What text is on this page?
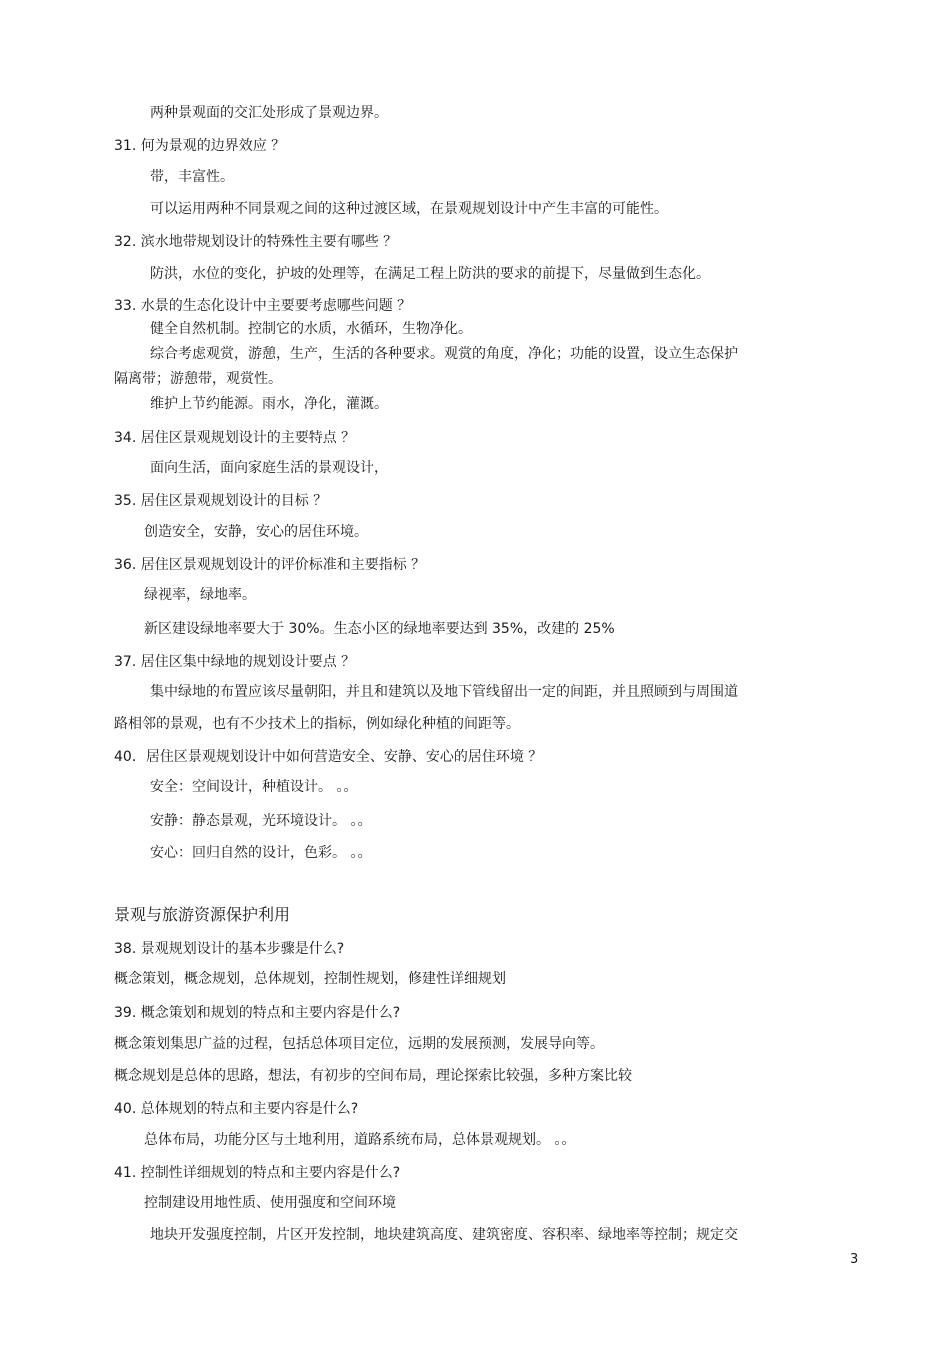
两种景观面的交汇处形成了景观边界。
31. 何为景观的边界效应 ？
带，丰富性。
可以运用两种不同景观之间的这种过渡区域，在景观规划设计中产生丰富的可能性。
32. 滨水地带规划设计的特殊性主要有哪些 ？
防洪，水位的变化，护坡的处理等，在满足工程上防洪的要求的前提下，尽量做到生态化。
33. 水景的生态化设计中主要要考虑哪些问题 ？
健全自然机制。控制它的水质，水循环，生物净化。
综合考虑观赏，游憩，生产，生活的各种要求。观赏的角度，净化；功能的设置，设立生态保护
隔离带；游憩带，观赏性。
维护上节约能源。雨水，净化，灌溉。
34. 居住区景观规划设计的主要特点 ？
面向生活，面向家庭生活的景观设计，
35. 居住区景观规划设计的目标 ？
创造安全，安静，安心的居住环境。
36. 居住区景观规划设计的评价标准和主要指标 ？
绿视率，绿地率。
新区建设绿地率要大于 30%。生态小区的绿地率要达到 35%，改建的 25%
37. 居住区集中绿地的规划设计要点 ？
集中绿地的布置应该尽量朝阳，并且和建筑以及地下管线留出一定的间距，并且照顾到与周围道
路相邻的景观，也有不少技术上的指标，例如绿化种植的间距等。
40．居住区景观规划设计中如何营造安全、安静、安心的居住环境 ？
安全：空间设计，种植设计。 。。
安静：静态景观，光环境设计。 。。
安心：回归自然的设计，色彩。 。。
景观与旅游资源保护利用
38. 景观规划设计的基本步骤是什么?
概念策划，概念规划，总体规划，控制性规划，修建性详细规划
39. 概念策划和规划的特点和主要内容是什么?
概念策划集思广益的过程，包括总体项目定位，远期的发展预测，发展导向等。
概念规划是总体的思路，想法，有初步的空间布局，理论探索比较强，多种方案比较
40. 总体规划的特点和主要内容是什么?
总体布局，功能分区与土地利用，道路系统布局，总体景观规划。 。。
41. 控制性详细规划的特点和主要内容是什么?
控制建设用地性质、使用强度和空间环境
地块开发强度控制，片区开发控制，地块建筑高度、建筑密度、容积率、绿地率等控制；规定交
3
